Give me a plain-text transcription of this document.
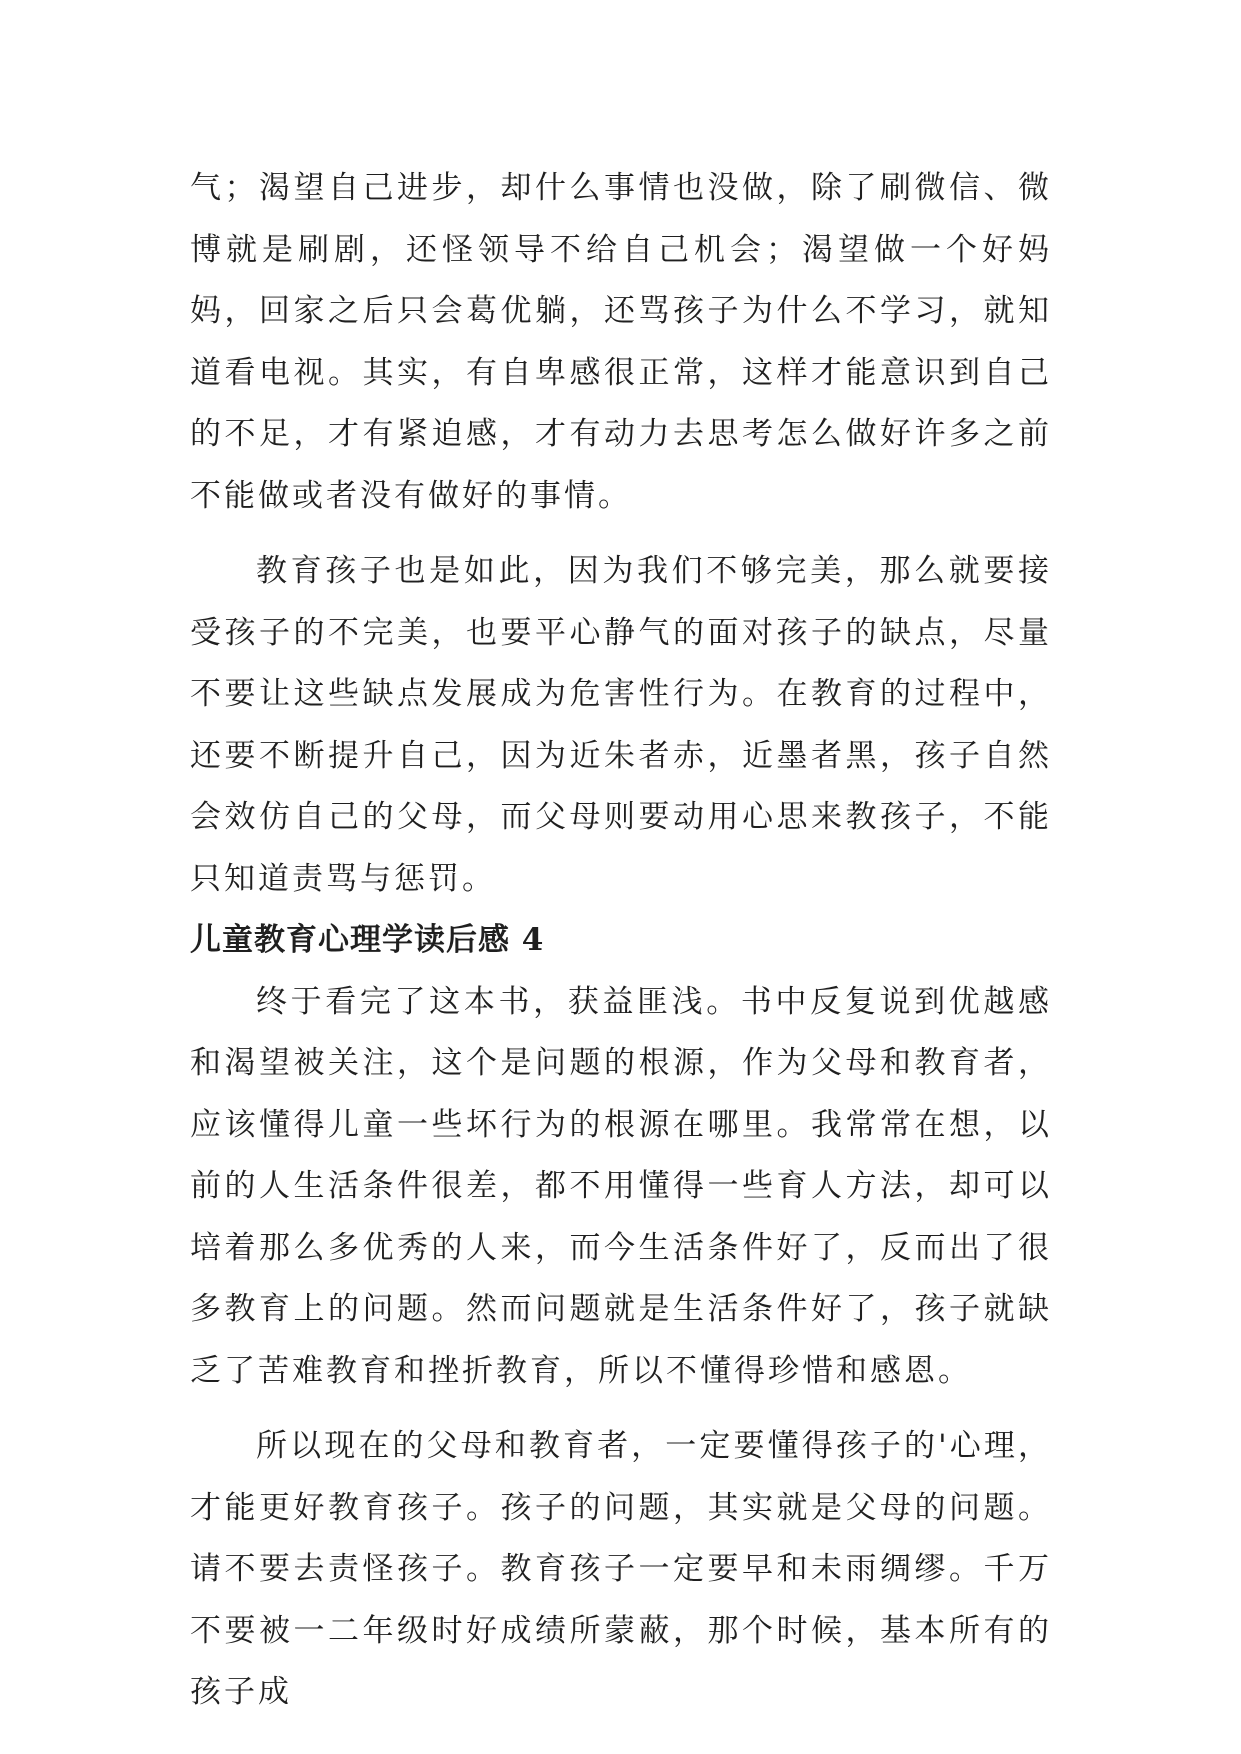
气；渴望自己进步，却什么事情也没做，除了刷微信、微博就是刷剧，还怪领导不给自己机会；渴望做一个好妈妈，回家之后只会葛优躺，还骂孩子为什么不学习，就知道看电视。其实，有自卑感很正常，这样才能意识到自己的不足，才有紧迫感，才有动力去思考怎么做好许多之前不能做或者没有做好的事情。

教育孩子也是如此，因为我们不够完美，那么就要接受孩子的不完美，也要平心静气的面对孩子的缺点，尽量不要让这些缺点发展成为危害性行为。在教育的过程中，还要不断提升自己，因为近朱者赤，近墨者黑，孩子自然会效仿自己的父母，而父母则要动用心思来教孩子，不能只知道责骂与惩罚。

儿童教育心理学读后感 4

终于看完了这本书，获益匪浅。书中反复说到优越感和渴望被关注，这个是问题的根源，作为父母和教育者，应该懂得儿童一些坏行为的根源在哪里。我常常在想，以前的人生活条件很差，都不用懂得一些育人方法，却可以培着那么多优秀的人来，而今生活条件好了，反而出了很多教育上的问题。然而问题就是生活条件好了，孩子就缺乏了苦难教育和挫折教育，所以不懂得珍惜和感恩。

所以现在的父母和教育者，一定要懂得孩子的'心理，才能更好教育孩子。孩子的问题，其实就是父母的问题。请不要去责怪孩子。教育孩子一定要早和未雨绸缪。千万不要被一二年级时好成绩所蒙蔽，那个时候，基本所有的孩子成
